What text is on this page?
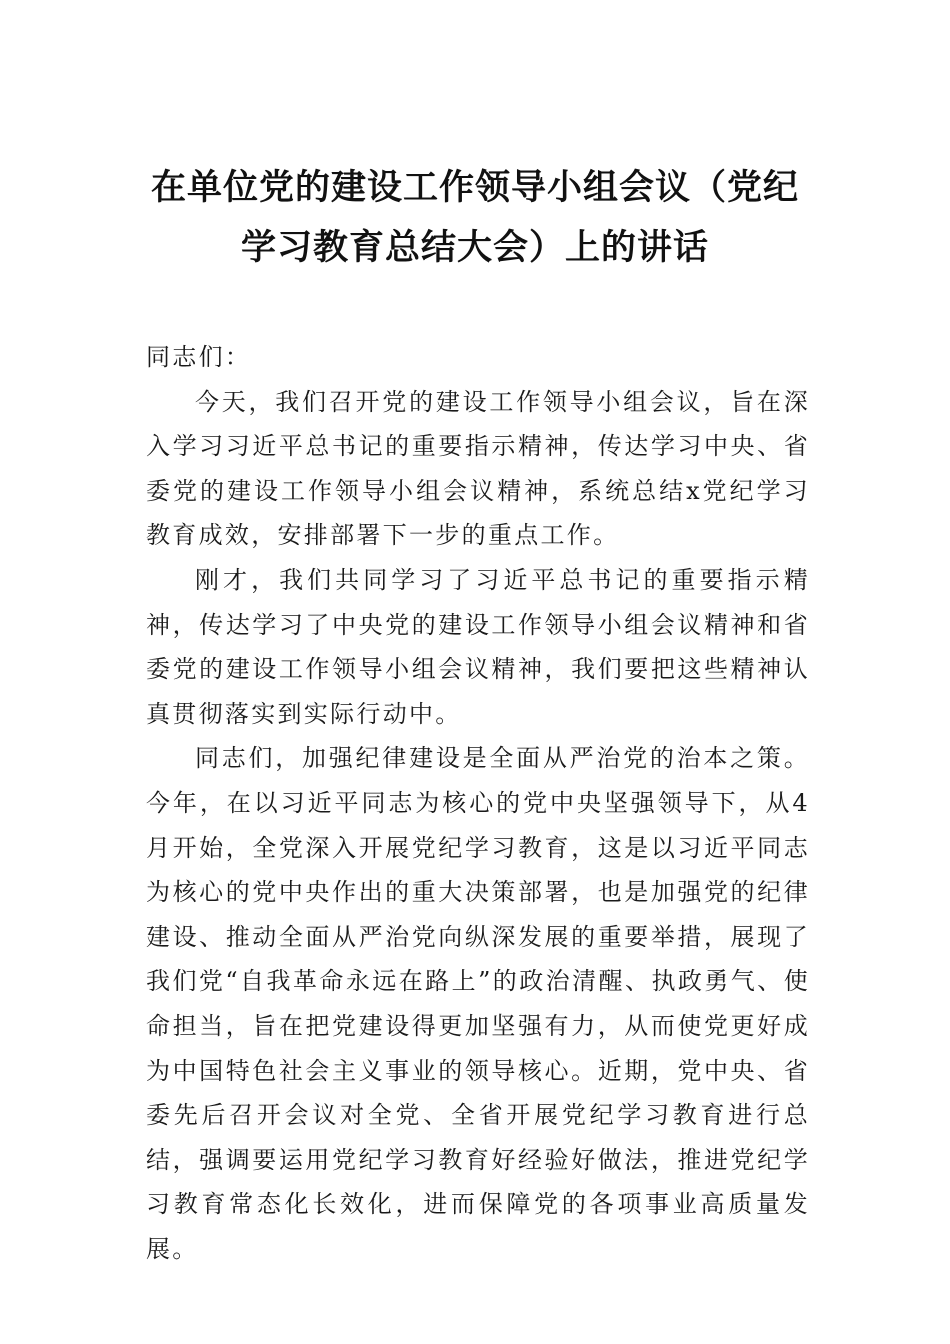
在单位党的建设工作领导小组会议（党纪
学习教育总结大会）上的讲话

同志们：

今天，我们召开党的建设工作领导小组会议，旨在深入学习习近平总书记的重要指示精神，传达学习中央、省委党的建设工作领导小组会议精神，系统总结x党纪学习教育成效，安排部署下一步的重点工作。

刚才，我们共同学习了习近平总书记的重要指示精神，传达学习了中央党的建设工作领导小组会议精神和省委党的建设工作领导小组会议精神，我们要把这些精神认真贯彻落实到实际行动中。

同志们，加强纪律建设是全面从严治党的治本之策。今年，在以习近平同志为核心的党中央坚强领导下，从4月开始，全党深入开展党纪学习教育，这是以习近平同志为核心的党中央作出的重大决策部署，也是加强党的纪律建设、推动全面从严治党向纵深发展的重要举措，展现了我们党“自我革命永远在路上”的政治清醒、执政勇气、使命担当，旨在把党建设得更加坚强有力，从而使党更好成为中国特色社会主义事业的领导核心。近期，党中央、省委先后召开会议对全党、全省开展党纪学习教育进行总结，强调要运用党纪学习教育好经验好做法，推进党纪学习教育常态化长效化，进而保障党的各项事业高质量发展。
